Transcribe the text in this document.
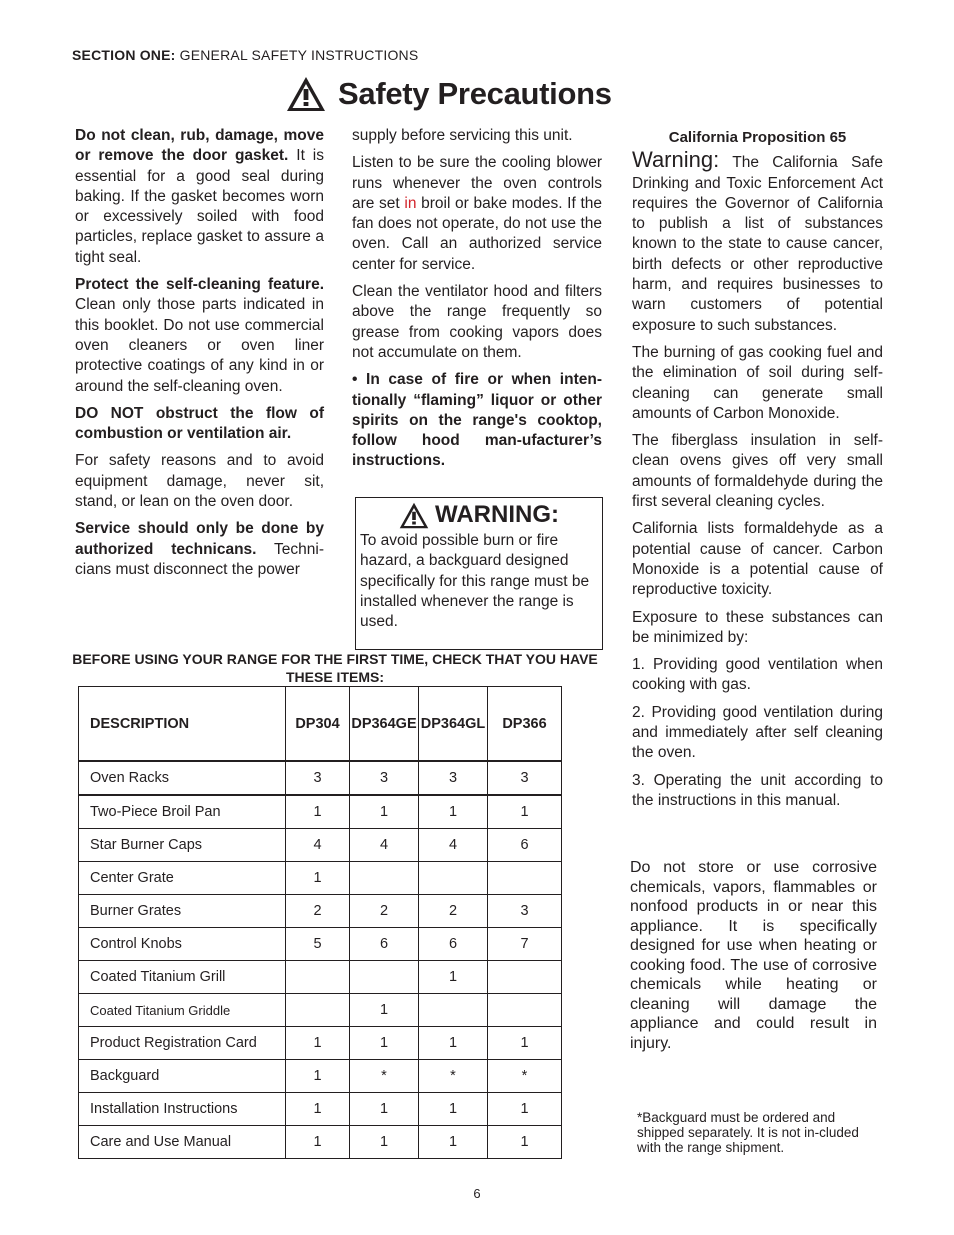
SECTION ONE: GENERAL SAFETY INSTRUCTIONS
Safety Precautions

Do not clean, rub, damage, move or remove the door gasket. It is essential for a good seal during baking. If the gasket becomes worn or excessively soiled with food particles, replace gasket to assure a tight seal.

Protect the self-cleaning feature. Clean only those parts indicated in this booklet. Do not use commercial oven cleaners or oven liner protective coatings of any kind in or around the self-cleaning oven.

DO NOT obstruct the flow of combustion or ventilation air.

For safety reasons and to avoid equipment damage, never sit, stand, or lean on the oven door.

Service should only be done by authorized technicans. Techni-cians must disconnect the power

supply before servicing this unit.

Listen to be sure the cooling blower runs whenever the oven controls are set in broil or bake modes. If the fan does not operate, do not use the oven. Call an authorized service center for service.

Clean the ventilator hood and filters above the range frequently so grease from cooking vapors does not accumulate on them.

• In case of fire or when inten-tionally “flaming” liquor or other spirits on the range's cooktop, follow hood man-ufacturer’s instructions.

WARNING:
To avoid possible burn or fire hazard, a backguard designed specifically for this range must be installed whenever the range is used.
California Proposition 65

Warning: The California Safe Drinking and Toxic Enforcement Act requires the Governor of California to publish a list of substances known to the state to cause cancer, birth defects or other reproductive harm, and requires businesses to warn customers of potential exposure to such substances.

The burning of gas cooking fuel and the elimination of soil during self-cleaning can generate small amounts of Carbon Monoxide.

The fiberglass insulation in self-clean ovens gives off very small amounts of formaldehyde during the first several cleaning cycles.

California lists formaldehyde as a potential cause of cancer. Carbon Monoxide is a potential cause of reproductive toxicity.

Exposure to these substances can be minimized by:

1. Providing good ventilation when cooking with gas.

2. Providing good ventilation during and immediately after self cleaning the oven.

3. Operating the unit according to the instructions in this manual.

BEFORE USING YOUR RANGE FOR THE FIRST TIME, CHECK THAT YOU HAVE THESE ITEMS:
DESCRIPTION	DP304	DP364GE	DP364GL	DP366
Oven Racks	3	3	3	3
Two-Piece Broil Pan	1	1	1	1
Star Burner Caps	4	4	4	6
Center Grate	1			
Burner Grates	2	2	2	3
Control Knobs	5	6	6	7
Coated Titanium Grill			1	
Coated Titanium Griddle		1		
Product Registration Card	1	1	1	1
Backguard	1	*	*	*
Installation Instructions	1	1	1	1
Care and Use Manual	1	1	1	1
Do not store or use corrosive chemicals, vapors, flammables or nonfood products in or near this appliance. It is specifically designed for use when heating or cooking food. The use of corrosive chemicals while heating or cleaning will damage the appliance and could result in injury.
*Backguard must be ordered and shipped separately. It is not in-cluded with the range shipment.
6
